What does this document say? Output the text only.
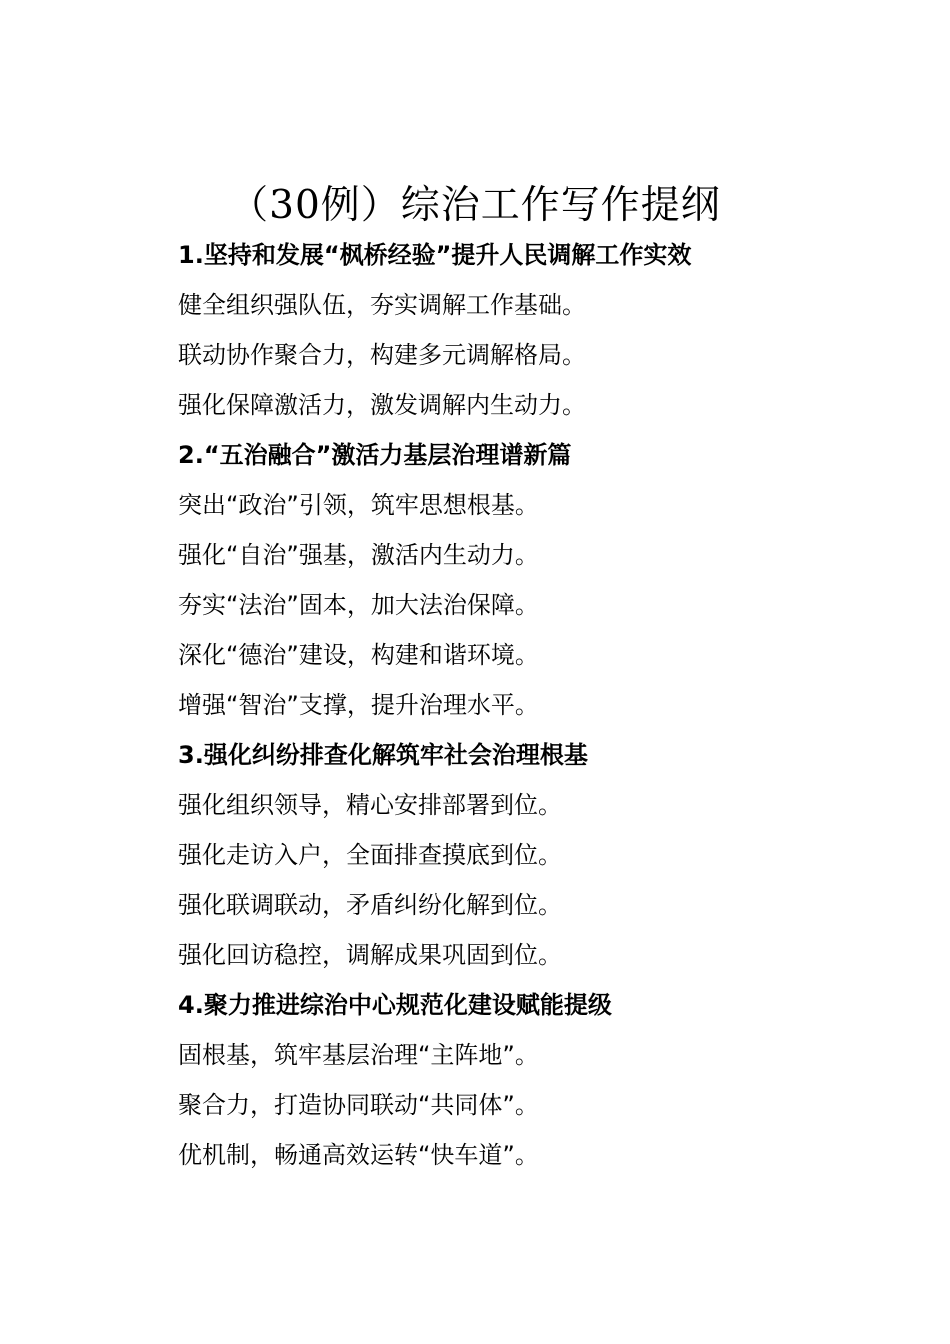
（30例）综治工作写作提纲
1.坚持和发展“枫桥经验”提升人民调解工作实效
健全组织强队伍，夯实调解工作基础。
联动协作聚合力，构建多元调解格局。
强化保障激活力，激发调解内生动力。
2.“五治融合”激活力基层治理谱新篇
突出“政治”引领，筑牢思想根基。
强化“自治”强基，激活内生动力。
夯实“法治”固本，加大法治保障。
深化“德治”建设，构建和谐环境。
增强“智治”支撑，提升治理水平。
3.强化纠纷排查化解筑牢社会治理根基
强化组织领导，精心安排部署到位。
强化走访入户，全面排查摸底到位。
强化联调联动，矛盾纠纷化解到位。
强化回访稳控，调解成果巩固到位。
4.聚力推进综治中心规范化建设赋能提级
固根基，筑牢基层治理“主阵地”。
聚合力，打造协同联动“共同体”。
优机制，畅通高效运转“快车道”。
